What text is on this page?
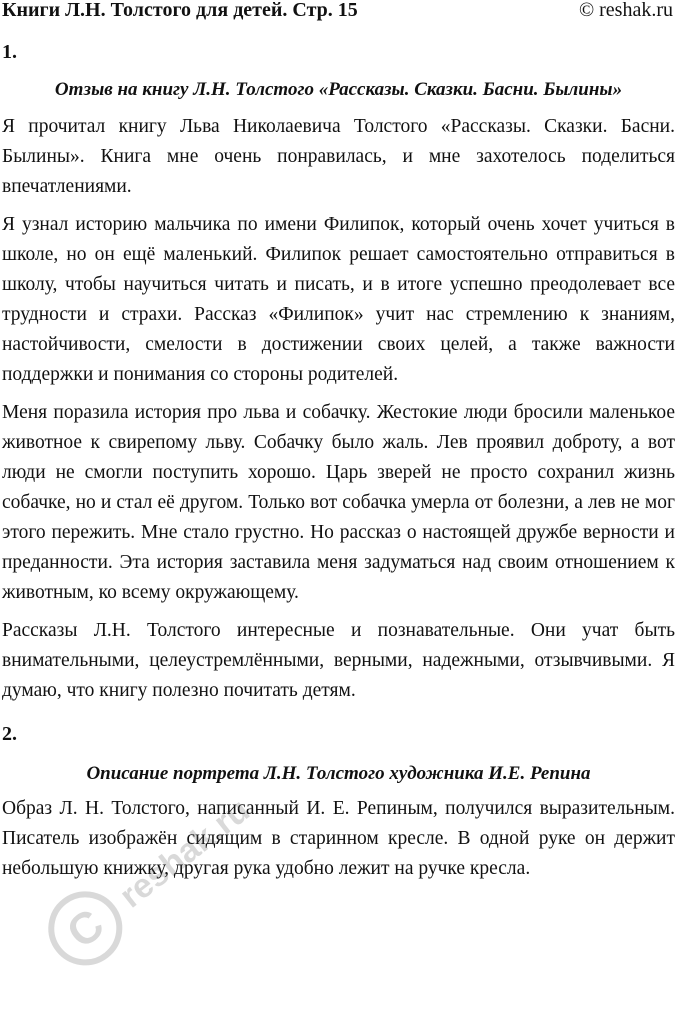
Книги Л.Н. Толстого для детей. Стр. 15	© reshak.ru
1.
Отзыв на книгу Л.Н. Толстого «Рассказы. Сказки. Басни. Былины»

Я прочитал книгу Льва Николаевича Толстого «Рассказы. Сказки. Басни. Былины». Книга мне очень понравилась, и мне захотелось поделиться впечатлениями.

Я узнал историю мальчика по имени Филипок, который очень хочет учиться в школе, но он ещё маленький. Филипок решает самостоятельно отправиться в школу, чтобы научиться читать и писать, и в итоге успешно преодолевает все трудности и страхи. Рассказ «Филипок» учит нас стремлению к знаниям, настойчивости, смелости в достижении своих целей, а также важности поддержки и понимания со стороны родителей.

Меня поразила история про льва и собачку. Жестокие люди бросили маленькое животное к свирепому льву. Собачку было жаль. Лев проявил доброту, а вот люди не смогли поступить хорошо. Царь зверей не просто сохранил жизнь собачке, но и стал её другом. Только вот собачка умерла от болезни, а лев не мог этого пережить. Мне стало грустно. Но рассказ о настоящей дружбе верности и преданности. Эта история заставила меня задуматься над своим отношением к животным, ко всему окружающему.

Рассказы Л.Н. Толстого интересные и познавательные. Они учат быть внимательными, целеустремлёнными, верными, надежными, отзывчивыми. Я думаю, что книгу полезно почитать детям.

2.
Описание портрета Л.Н. Толстого художника И.Е. Репина

Образ Л. Н. Толстого, написанный И. Е. Репиным, получился выразительным. Писатель изображён сидящим в старинном кресле. В одной руке он держит небольшую книжку, другая рука удобно лежит на ручке кресла.

C
reshak.ru
